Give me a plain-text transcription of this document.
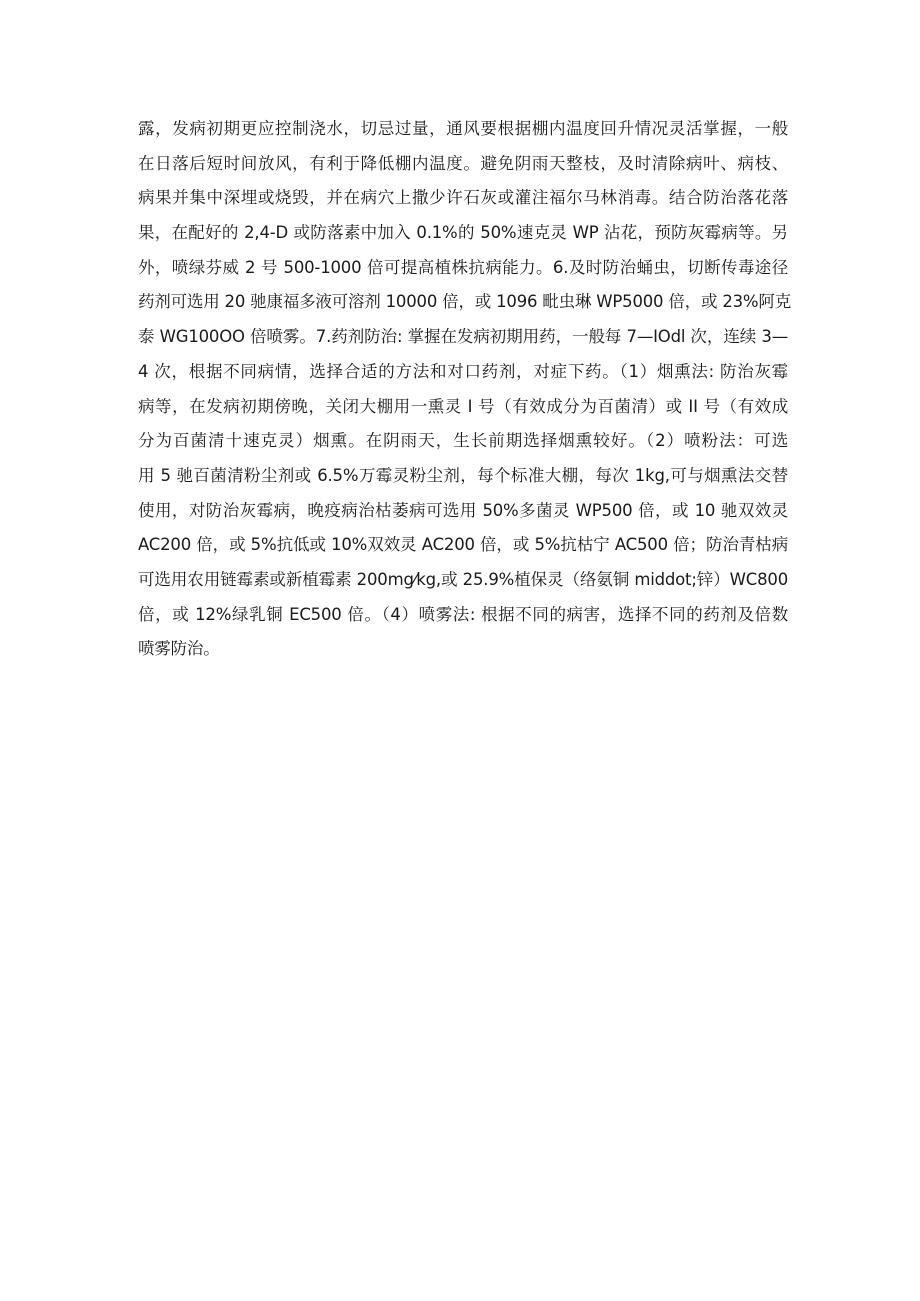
露，发病初期更应控制浇水，切忌过量，通风要根据棚内温度回升情况灵活掌握，一般
在日落后短时间放风，有利于降低棚内温度。避免阴雨天整枝，及时清除病叶、病枝、
病果并集中深埋或烧毁，并在病穴上撒少许石灰或灌注福尔马林消毒。结合防治落花落
果，在配好的 2,4-D 或防落素中加入 0.1%的 50%速克灵 WP 沾花，预防灰霉病等。另
外，喷绿芬威 2 号 500-1000 倍可提高植株抗病能力。6.及时防治蛹虫，切断传毒途⁠径
药剂可选用 20 驰康福多液可溶剂 10000 倍，或 1096 毗虫琳 WP5000 倍，或 23%阿克
泰 WG100OO 倍喷雾。7.药剂防治: 掌握在发病初期用药，一般每 7—IOdl 次，连续 3—
4 次，根据不同病情，选择合适的方法和对口药剂，对症下药。（1）烟熏法: 防治灰霉
病等，在发病初期傍晚，关闭大棚用一熏灵 I 号（有效成分为百菌清）或 II 号（有效成
分为百菌清十速克灵）烟熏。在阴雨天，生长前期选择烟熏较好。（2）喷粉法：可选
用 5 驰百菌清粉尘剂或 6.5%万霉灵粉尘剂，每个标准大棚，每次 1kg,可与烟熏法交替
使用，对防治灰霉病，晚疫病治枯萎病可选用 50%多菌灵 WP500 倍，或 10 驰双效灵
AC200 倍，或 5%抗低或 10%双效灵 AC200 倍，或 5%抗枯宁 AC500 倍；防治青枯病
可选用农用链霉素或新植霉素 200mg⁄kg,或 25.9%植保灵（络氨铜 middot;锌）WC800
倍，或 12%绿乳铜 EC500 倍。（4）喷雾法: 根据不同的病害，选择不同的药剂及倍数
喷雾防治。
